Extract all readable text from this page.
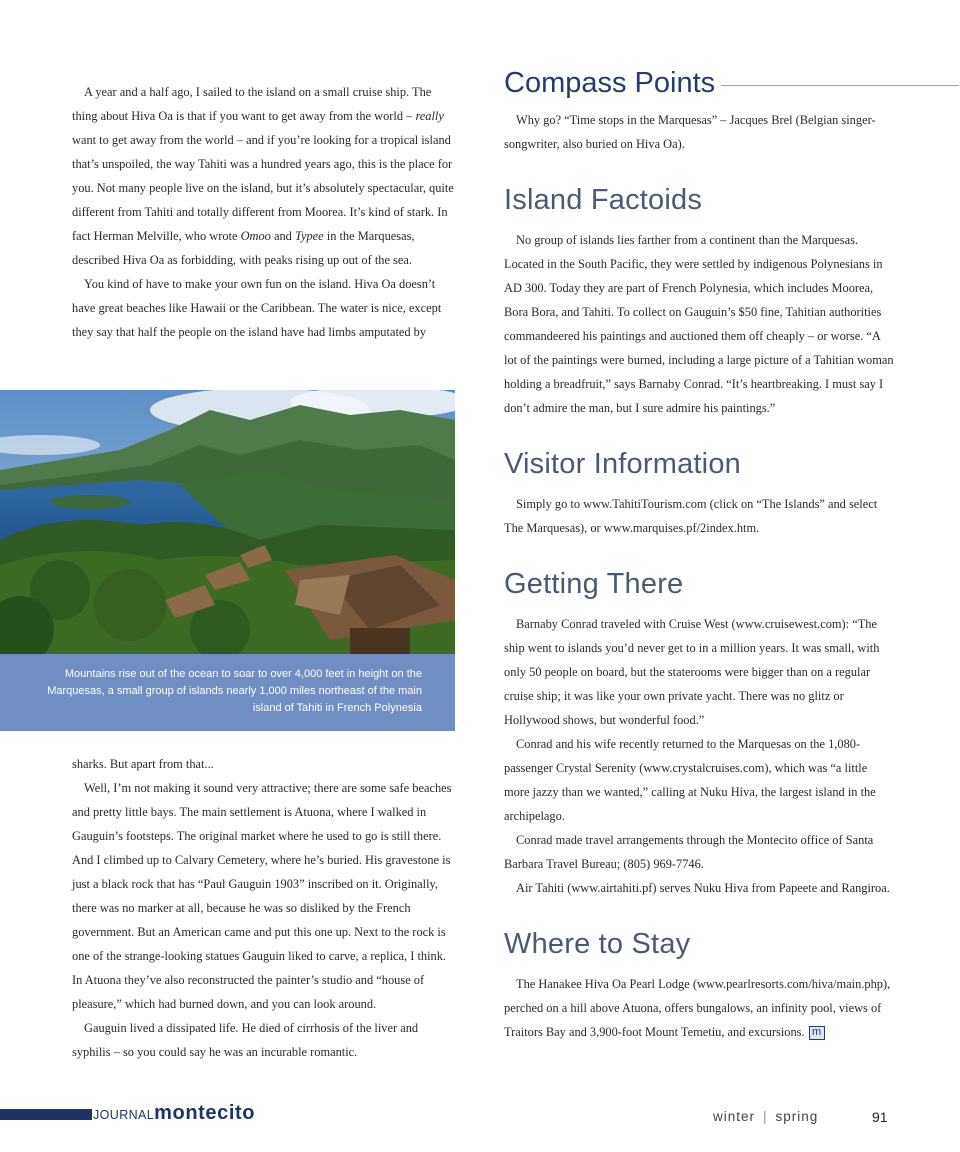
A year and a half ago, I sailed to the island on a small cruise ship. The thing about Hiva Oa is that if you want to get away from the world – really want to get away from the world – and if you’re looking for a tropical island that’s unspoiled, the way Tahiti was a hundred years ago, this is the place for you. Not many people live on the island, but it’s absolutely spectacular, quite different from Tahiti and totally different from Moorea. It’s kind of stark. In fact Herman Melville, who wrote Omoo and Typee in the Marquesas, described Hiva Oa as forbidding, with peaks rising up out of the sea.

You kind of have to make your own fun on the island. Hiva Oa doesn’t have great beaches like Hawaii or the Caribbean. The water is nice, except they say that half the people on the island have had limbs amputated by

Mountains rise out of the ocean to soar to over 4,000 feet in height on the Marquesas, a small group of islands nearly 1,000 miles northeast of the main island of Tahiti in French Polynesia

sharks. But apart from that...

Well, I’m not making it sound very attractive; there are some safe beaches and pretty little bays. The main settlement is Atuona, where I walked in Gauguin’s footsteps. The original market where he used to go is still there. And I climbed up to Calvary Cemetery, where he’s buried. His gravestone is just a black rock that has “Paul Gauguin 1903” inscribed on it. Originally, there was no marker at all, because he was so disliked by the French government. But an American came and put this one up. Next to the rock is one of the strange-looking statues Gauguin liked to carve, a replica, I think. In Atuona they’ve also reconstructed the painter’s studio and “house of pleasure,” which had burned down, and you can look around.

Gauguin lived a dissipated life. He died of cirrhosis of the liver and syphilis – so you could say he was an incurable romantic.

Compass Points

Why go? “Time stops in the Marquesas” – Jacques Brel (Belgian singer-songwriter, also buried on Hiva Oa).

Island Factoids

No group of islands lies farther from a continent than the Marquesas. Located in the South Pacific, they were settled by indigenous Polynesians in AD 300. Today they are part of French Polynesia, which includes Moorea, Bora Bora, and Tahiti. To collect on Gauguin’s $50 fine, Tahitian authorities commandeered his paintings and auctioned them off cheaply – or worse. “A lot of the paintings were burned, including a large picture of a Tahitian woman holding a breadfruit,” says Barnaby Conrad. “It’s heartbreaking. I must say I don’t admire the man, but I sure admire his paintings.”

Visitor Information

Simply go to www.TahitiTourism.com (click on “The Islands” and select The Marquesas), or www.marquises.pf/2index.htm.

Getting There

Barnaby Conrad traveled with Cruise West (www.cruisewest.com): “The ship went to islands you’d never get to in a million years. It was small, with only 50 people on board, but the staterooms were bigger than on a regular cruise ship; it was like your own private yacht. There was no glitz or Hollywood shows, but wonderful food.”

Conrad and his wife recently returned to the Marquesas on the 1,080-passenger Crystal Serenity (www.crystalcruises.com), which was “a little more jazzy than we wanted,” calling at Nuku Hiva, the largest island in the archipelago.

Conrad made travel arrangements through the Montecito office of Santa Barbara Travel Bureau; (805) 969-7746.

Air Tahiti (www.airtahiti.pf) serves Nuku Hiva from Papeete and Rangiroa.

Where to Stay

The Hanakee Hiva Oa Pearl Lodge (www.pearlresorts.com/hiva/main.php), perched on a hill above Atuona, offers bungalows, an infinity pool, views of Traitors Bay and 3,900-foot Mount Temetiu, and excursions. m

JOURNALmontecito	winter | spring	91
